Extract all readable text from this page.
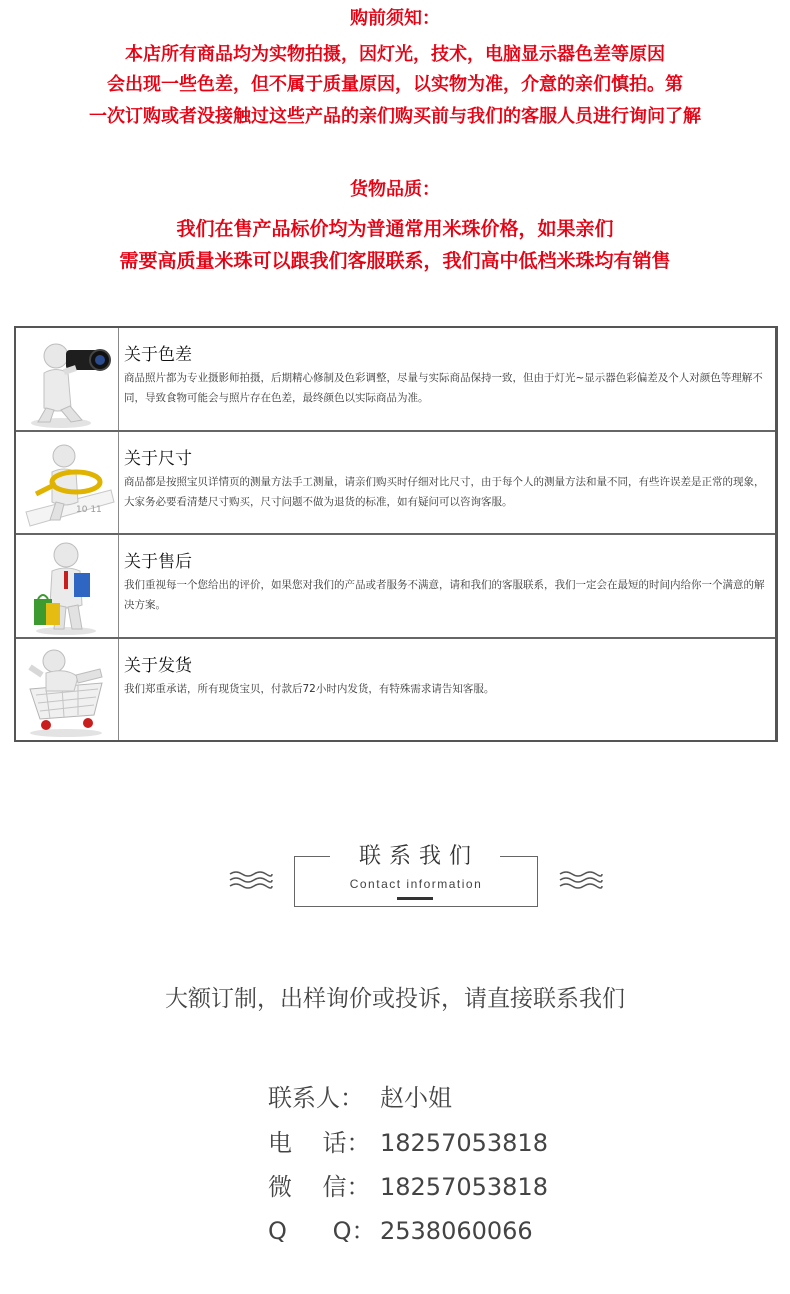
购前须知：
本店所有商品均为实物拍摄，因灯光，技术，电脑显示器色差等原因
会出现一些色差，但不属于质量原因，以实物为准，介意的亲们慎拍。第
一次订购或者没接触过这些产品的亲们购买前与我们的客服人员进行询问了解
货物品质：
我们在售产品标价均为普通常用米珠价格，如果亲们
需要高质量米珠可以跟我们客服联系，我们高中低档米珠均有销售
关于色差
商品照片都为专业摄影师拍摄，后期精心修制及色彩调整，尽量与实际商品保持一致，但由于灯光~显示器色彩偏差及个人对颜色等理解不同，导致食物可能会与照片存在色差，最终颜色以实际商品为准。
10 11
关于尺寸
商品都是按照宝贝详情页的测量方法手工测量，请亲们购买时仔细对比尺寸，由于每个人的测量方法和量不同，有些许误差是正常的现象，大家务必要看清楚尺寸购买，尺寸问题不做为退货的标准，如有疑问可以咨询客服。
关于售后
我们重视每一个您给出的评价，如果您对我们的产品或者服务不满意，请和我们的客服联系，我们一定会在最短的时间内给你一个满意的解决方案。
关于发货
我们郑重承诺，所有现货宝贝，付款后72小时内发货，有特殊需求请告知客服。
联系我们
Contact information
大额订制，出样询价或投诉，请直接联系我们
联系人： 赵小姐
电    话： 18257053818
微    信： 18257053818
Q      Q： 2538060066
